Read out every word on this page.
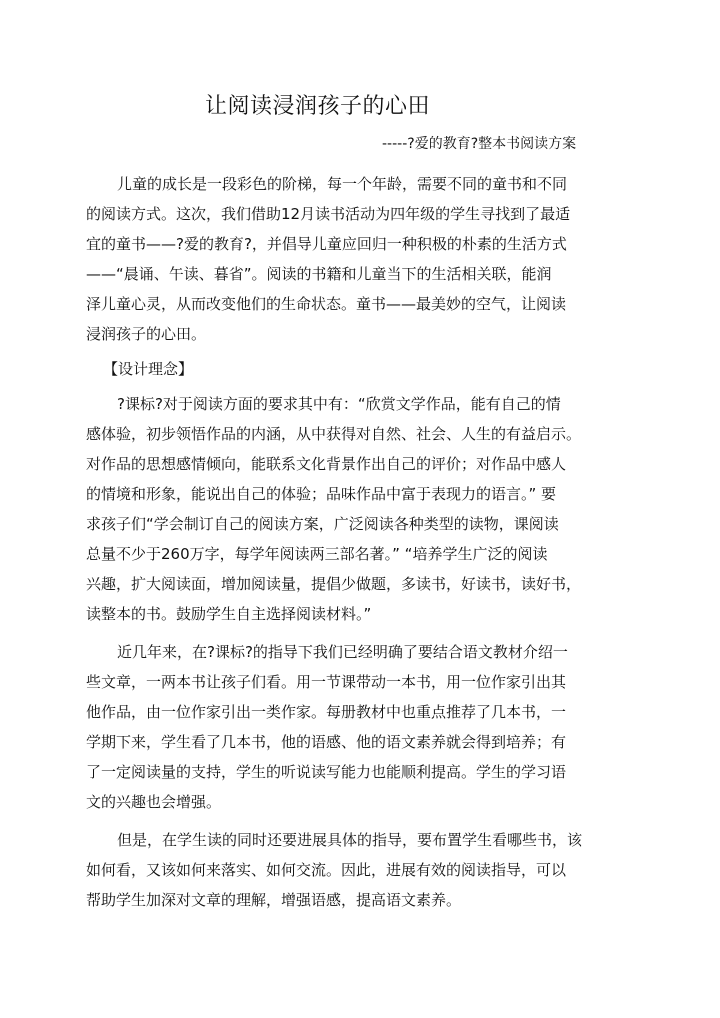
让阅读浸润孩子的心田
-----?爱的教育?整本书阅读方案
儿童的成长是一段彩色的阶梯，每一个年龄，需要不同的童书和不同
的阅读方式。这次，我们借助12月读书活动为四年级的学生寻找到了最适
宜的童书——?爱的教育?，并倡导儿童应回归一种积极的朴素的生活方式
——“晨诵、午读、暮省”。阅读的书籍和儿童当下的生活相关联，能润
泽儿童心灵，从而改变他们的生命状态。童书——最美妙的空气，让阅读
浸润孩子的心田。
【设计理念】
?课标?对于阅读方面的要求其中有：“欣赏文学作品，能有自己的情
感体验，初步领悟作品的内涵，从中获得对自然、社会、人生的有益启示。
对作品的思想感情倾向，能联系文化背景作出自己的评价；对作品中感人
的情境和形象，能说出自己的体验；品味作品中富于表现力的语言。” 要
求孩子们“学会制订自己的阅读方案，广泛阅读各种类型的读物，课阅读
总量不少于260万字，每学年阅读两三部名著。” “培养学生广泛的阅读
兴趣，扩大阅读面，增加阅读量，提倡少做题，多读书，好读书，读好书，
读整本的书。鼓励学生自主选择阅读材料。”
近几年来，在?课标?的指导下我们已经明确了要结合语文教材介绍一
些文章，一两本书让孩子们看。用一节课带动一本书，用一位作家引出其
他作品，由一位作家引出一类作家。每册教材中也重点推荐了几本书，一
学期下来，学生看了几本书，他的语感、他的语文素养就会得到培养；有
了一定阅读量的支持，学生的听说读写能力也能顺利提高。学生的学习语
文的兴趣也会增强。
但是，在学生读的同时还要进展具体的指导，要布置学生看哪些书，该
如何看，又该如何来落实、如何交流。因此，进展有效的阅读指导，可以
帮助学生加深对文章的理解，增强语感，提高语文素养。
